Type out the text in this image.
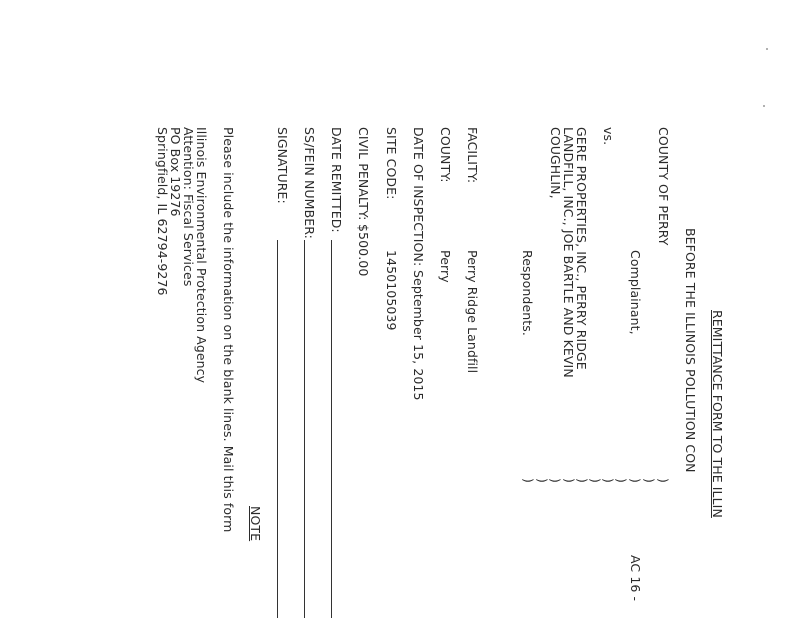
REMITTANCE FORM TO THE ILLIN
BEFORE THE ILLINOIS POLLUTION CON
COUNTY OF PERRY
Complainant,
vs.
GERE PROPERTIES, INC., PERRY RIDGE
LANDFILL, INC., JOE BARTLE AND KEVIN
COUGHLIN,
Respondents.
AC 16 -
)
)
)
)
)
)
)
)
)
)
)
FACILITY:
Perry Ridge Landfill
COUNTY:
Perry
DATE OF INSPECTION:
September 15, 2015
SITE CODE:
1450105039
CIVIL PENALTY:
$500.00
DATE REMITTED:
SS/FEIN NUMBER:
SIGNATURE:
NOTE
Please include the information on the blank lines. Mail this form
Illinois Environmental Protection Agency
Attention: Fiscal Services
PO Box 19276
Springfield, IL 62794-9276
